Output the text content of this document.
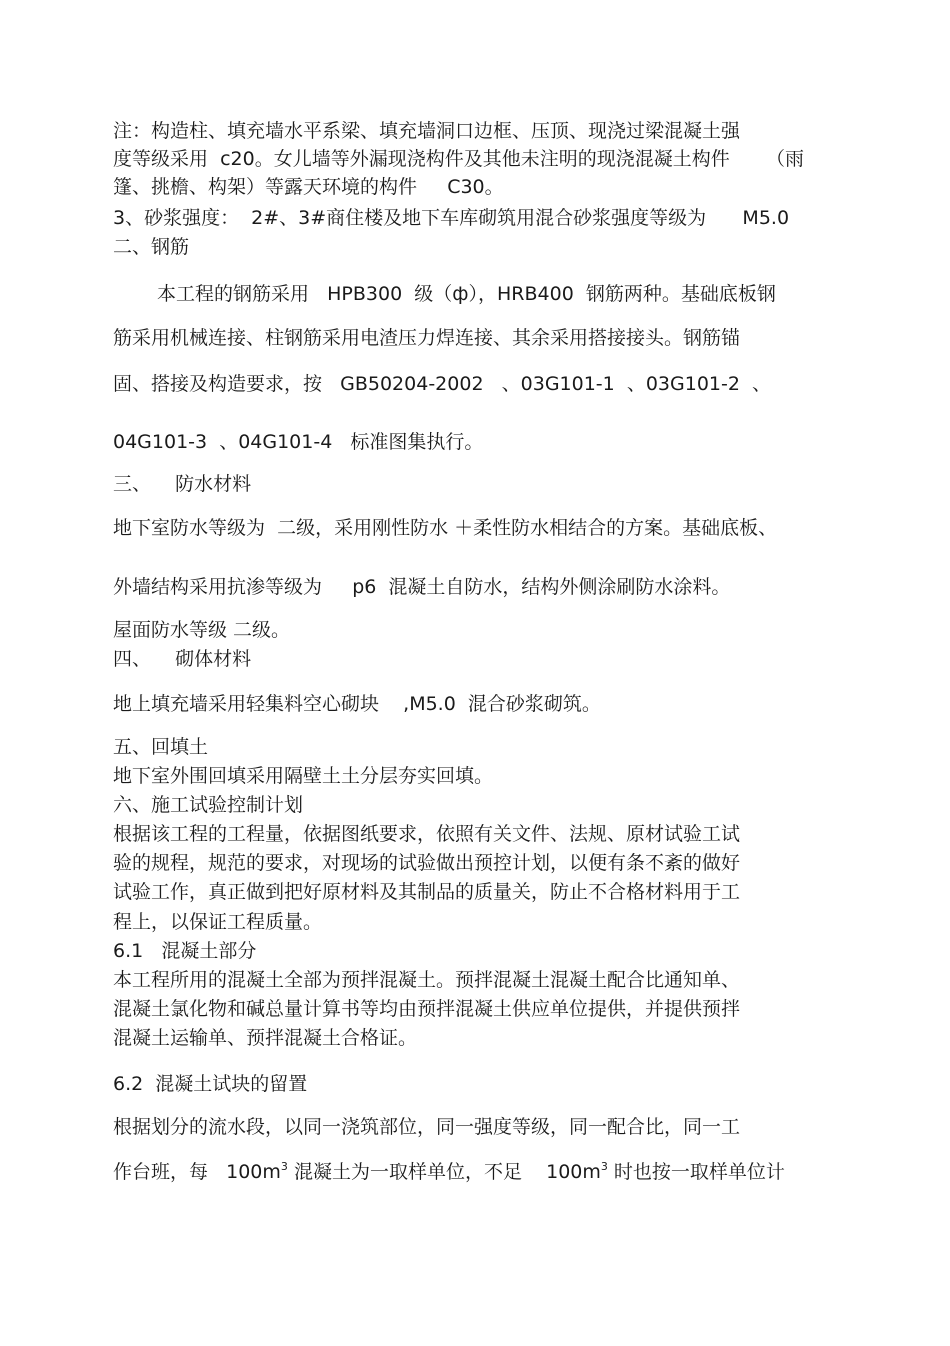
注：构造柱、填充墙水平系梁、填充墙洞口边框、压顶、现浇过梁混凝土强
度等级采用  c20。女儿墙等外漏现浇构件及其他未注明的现浇混凝土构件      （雨
篷、挑檐、构架）等露天环境的构件     C30。
3、砂浆强度：  2#、3#商住楼及地下车库砌筑用混合砂浆强度等级为      M5.0
二、钢筋
本工程的钢筋采用   HPB300  级（ф），HRB400  钢筋两种。基础底板钢
筋采用机械连接、柱钢筋采用电渣压力焊连接、其余采用搭接接头。钢筋锚
固、搭接及构造要求，按   GB50204-2002   、03G101-1  、03G101-2  、
04G101-3  、04G101-4   标准图集执行。
三、    防水材料
地下室防水等级为  二级，采用刚性防水 ＋柔性防水相结合的方案。基础底板、
外墙结构采用抗渗等级为     p6  混凝土自防水，结构外侧涂刷防水涂料。
屋面防水等级 二级。
四、    砌体材料
地上填充墙采用轻集料空心砌块    ,M5.0  混合砂浆砌筑。
五、回填土
地下室外围回填采用隔壁土土分层夯实回填。
六、施工试验控制计划
根据该工程的工程量，依据图纸要求，依照有关文件、法规、原材试验工试
验的规程，规范的要求，对现场的试验做出预控计划，以便有条不紊的做好
试验工作，真正做到把好原材料及其制品的质量关，防止不合格材料用于工
程上，以保证工程质量。
6.1   混凝土部分
本工程所用的混凝土全部为预拌混凝土。预拌混凝土混凝土配合比通知单、
混凝土氯化物和碱总量计算书等均由预拌混凝土供应单位提供，并提供预拌
混凝土运输单、预拌混凝土合格证。
6.2  混凝土试块的留置
根据划分的流水段，以同一浇筑部位，同一强度等级，同一配合比，同一工
作台班，每   $100m^3$ 混凝土为一取样单位，不足    $100m^3$ 时也按一取样单位计
